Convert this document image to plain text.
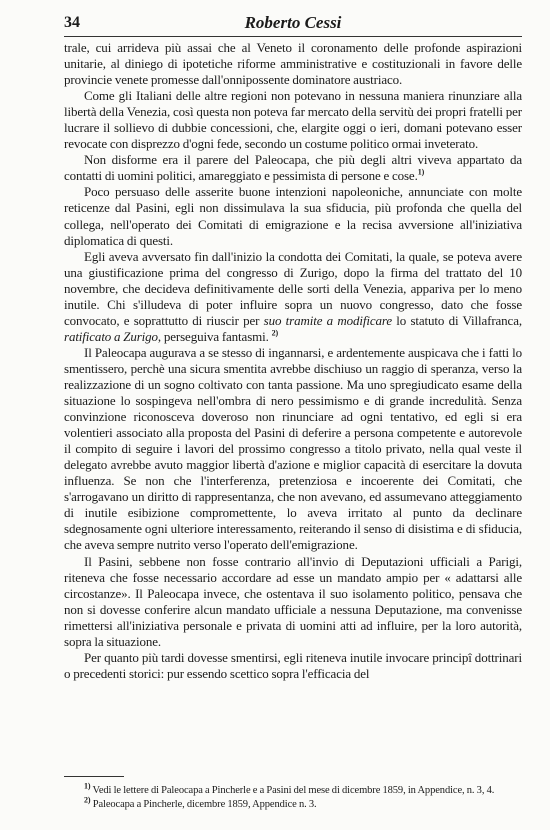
34	Roberto Cessi

trale, cui arrideva più assai che al Veneto il coronamento delle profonde aspirazioni unitarie, al diniego di ipotetiche riforme amministrative e costituzionali in favore delle provincie venete promesse dall'onnipossente dominatore austriaco.

Come gli Italiani delle altre regioni non potevano in nessuna maniera rinunziare alla libertà della Venezia, così questa non poteva far mercato della servitù dei propri fratelli per lucrare il sollievo di dubbie concessioni, che, elargite oggi o ieri, domani potevano esser revocate con disprezzo d'ogni fede, secondo un costume politico ormai inveterato.

Non disforme era il parere del Paleocapa, che più degli altri viveva appartato da contatti di uomini politici, amareggiato e pessimista di persone e cose.$^{1)}$

Poco persuaso delle asserite buone intenzioni napoleoniche, annunciate con molte reticenze dal Pasini, egli non dissimulava la sua sfiducia, più profonda che quella del collega, nell'operato dei Comitati di emigrazione e la recisa avversione all'iniziativa diplomatica di questi.

Egli aveva avversato fin dall'inizio la condotta dei Comitati, la quale, se poteva avere una giustificazione prima del congresso di Zurigo, dopo la firma del trattato del 10 novembre, che decideva definitivamente delle sorti della Venezia, appariva per lo meno inutile. Chi s'illudeva di poter influire sopra un nuovo congresso, dato che fosse convocato, e soprattutto di riuscir per suo tramite a modificare lo statuto di Villafranca, ratificato a Zurigo, perseguiva fantasmi. $^{2)}$

Il Paleocapa augurava a se stesso di ingannarsi, e ardentemente auspicava che i fatti lo smentissero, perchè una sicura smentita avrebbe dischiuso un raggio di speranza, verso la realizzazione di un sogno coltivato con tanta passione. Ma uno spregiudicato esame della situazione lo sospingeva nell'ombra di nero pessimismo e di grande incredulità. Senza convinzione riconosceva doveroso non rinunciare ad ogni tentativo, ed egli si era volentieri associato alla proposta del Pasini di deferire a persona competente e autorevole il compito di seguire i lavori del prossimo congresso a titolo privato, nella qual veste il delegato avrebbe avuto maggior libertà d'azione e miglior capacità di esercitare la dovuta influenza. Se non che l'interferenza, pretenziosa e incoerente dei Comitati, che s'arrogavano un diritto di rappresentanza, che non avevano, ed assumevano atteggiamento di inutile esibizione compromettente, lo aveva irritato al punto da declinare sdegnosamente ogni ulteriore interessamento, reiterando il senso di disistima e di sfiducia, che aveva sempre nutrito verso l'operato dell'emigrazione.

Il Pasini, sebbene non fosse contrario all'invio di Deputazioni ufficiali a Parigi, riteneva che fosse necessario accordare ad esse un mandato ampio per « adattarsi alle circostanze». Il Paleocapa invece, che ostentava il suo isolamento politico, pensava che non si dovesse conferire alcun mandato ufficiale a nessuna Deputazione, ma convenisse rimettersi all'iniziativa personale e privata di uomini atti ad influire, per la loro autorità, sopra la situazione.

Per quanto più tardi dovesse smentirsi, egli riteneva inutile invocare principî dottrinari o precedenti storici: pur essendo scettico sopra l'efficacia del

$^{1)}$ Vedi le lettere di Paleocapa a Pincherle e a Pasini del mese di dicembre 1859, in Appendice, n. 3, 4.

$^{2)}$ Paleocapa a Pincherle, dicembre 1859, Appendice n. 3.
